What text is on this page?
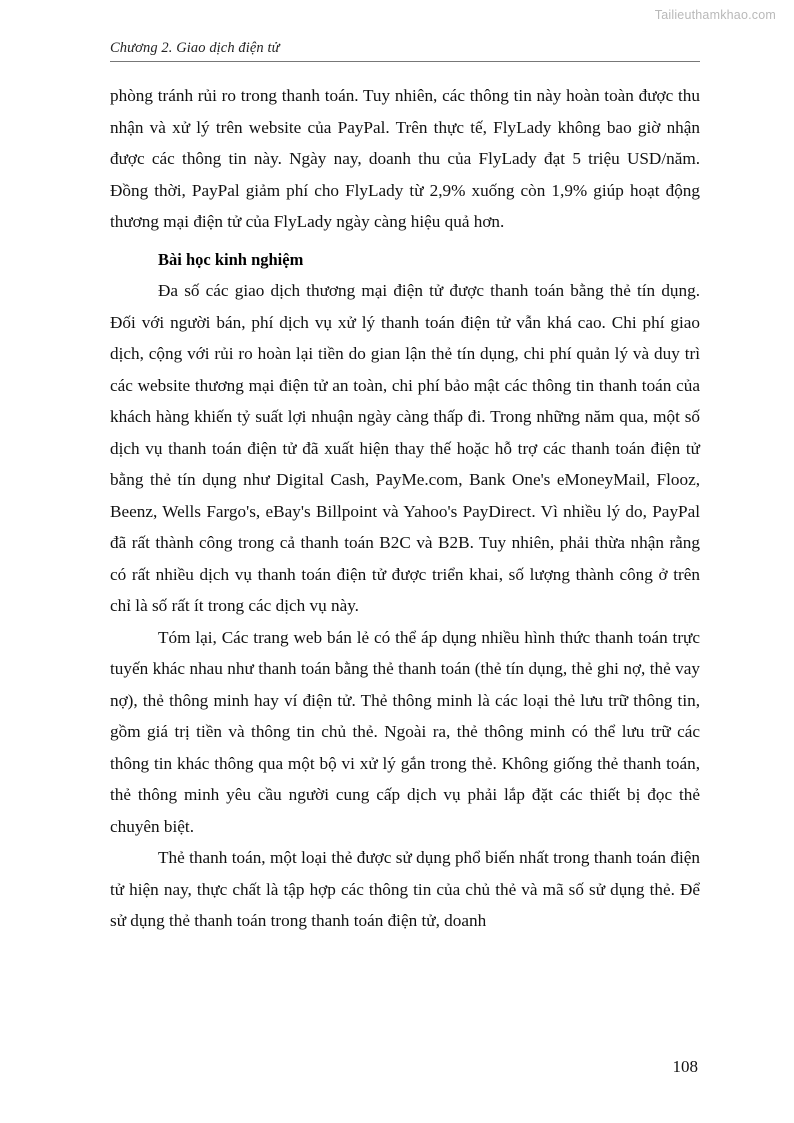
Tailieuthamkhao.com
Chương 2. Giao dịch điện tử

phòng tránh rủi ro trong thanh toán. Tuy nhiên, các thông tin này hoàn toàn được thu nhận và xử lý trên website của PayPal. Trên thực tế, FlyLady không bao giờ nhận được các thông tin này. Ngày nay, doanh thu của FlyLady đạt 5 triệu USD/năm. Đồng thời, PayPal giảm phí cho FlyLady từ 2,9% xuống còn 1,9% giúp hoạt động thương mại điện tử của FlyLady ngày càng hiệu quả hơn.

Bài học kinh nghiệm

Đa số các giao dịch thương mại điện tử được thanh toán bằng thẻ tín dụng. Đối với người bán, phí dịch vụ xử lý thanh toán điện tử vẫn khá cao. Chi phí giao dịch, cộng với rủi ro hoàn lại tiền do gian lận thẻ tín dụng, chi phí quản lý và duy trì các website thương mại điện tử an toàn, chi phí bảo mật các thông tin thanh toán của khách hàng khiến tỷ suất lợi nhuận ngày càng thấp đi. Trong những năm qua, một số dịch vụ thanh toán điện tử đã xuất hiện thay thế hoặc hỗ trợ các thanh toán điện tử bằng thẻ tín dụng như Digital Cash, PayMe.com, Bank One's eMoneyMail, Flooz, Beenz, Wells Fargo's, eBay's Billpoint và Yahoo's PayDirect. Vì nhiều lý do, PayPal đã rất thành công trong cả thanh toán B2C và B2B. Tuy nhiên, phải thừa nhận rằng có rất nhiều dịch vụ thanh toán điện tử được triển khai, số lượng thành công ở trên chỉ là số rất ít trong các dịch vụ này.

Tóm lại, Các trang web bán lẻ có thể áp dụng nhiều hình thức thanh toán trực tuyến khác nhau như thanh toán bằng thẻ thanh toán (thẻ tín dụng, thẻ ghi nợ, thẻ vay nợ), thẻ thông minh hay ví điện tử. Thẻ thông minh là các loại thẻ lưu trữ thông tin, gồm giá trị tiền và thông tin chủ thẻ. Ngoài ra, thẻ thông minh có thể lưu trữ các thông tin khác thông qua một bộ vi xử lý gắn trong thẻ. Không giống thẻ thanh toán, thẻ thông minh yêu cầu người cung cấp dịch vụ phải lắp đặt các thiết bị đọc thẻ chuyên biệt.

Thẻ thanh toán, một loại thẻ được sử dụng phổ biến nhất trong thanh toán điện tử hiện nay, thực chất là tập hợp các thông tin của chủ thẻ và mã số sử dụng thẻ. Để sử dụng thẻ thanh toán trong thanh toán điện tử, doanh

108
